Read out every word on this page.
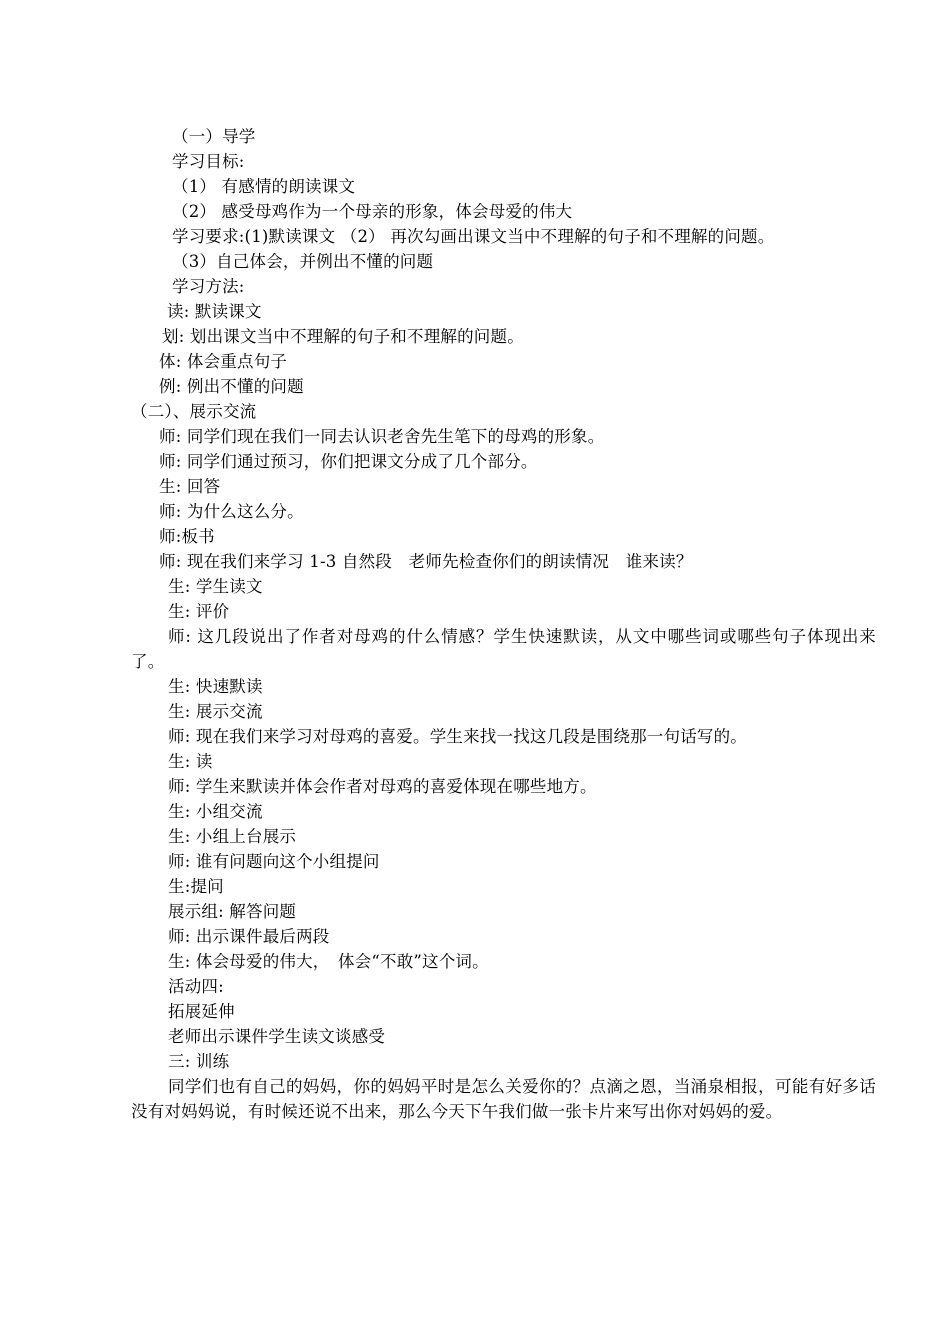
（一）导学
学习目标:
（1） 有感情的朗读课文
（2） 感受母鸡作为一个母亲的形象，体会母爱的伟大
学习要求:(1)默读课文 （2） 再次勾画出课文当中不理解的句子和不理解的问题。
（3）自己体会，并例出不懂的问题
学习方法:
读: 默读课文
划: 划出课文当中不理解的句子和不理解的问题。
体: 体会重点句子
例: 例出不懂的问题
（二）、展示交流
师: 同学们现在我们一同去认识老舍先生笔下的母鸡的形象。
师: 同学们通过预习，你们把课文分成了几个部分。
生: 回答
师: 为什么这么分。
师:板书
师: 现在我们来学习 1-3 自然段　老师先检查你们的朗读情况　谁来读？
生: 学生读文
生: 评价
师: 这几段说出了作者对母鸡的什么情感？学生快速默读，从文中哪些词或哪些句子体现出来了。
生: 快速默读
生: 展示交流
师: 现在我们来学习对母鸡的喜爱。学生来找一找这几段是围绕那一句话写的。
生: 读
师: 学生来默读并体会作者对母鸡的喜爱体现在哪些地方。
生: 小组交流
生: 小组上台展示
师: 谁有问题向这个小组提问
生:提问
展示组: 解答问题
师: 出示课件最后两段
生: 体会母爱的伟大，　体会“不敢”这个词。
活动四:
拓展延伸
老师出示课件学生读文谈感受
三: 训练
同学们也有自己的妈妈，你的妈妈平时是怎么关爱你的？点滴之恩，当涌泉相报，可能有好多话没有对妈妈说，有时候还说不出来，那么今天下午我们做一张卡片来写出你对妈妈的爱。
